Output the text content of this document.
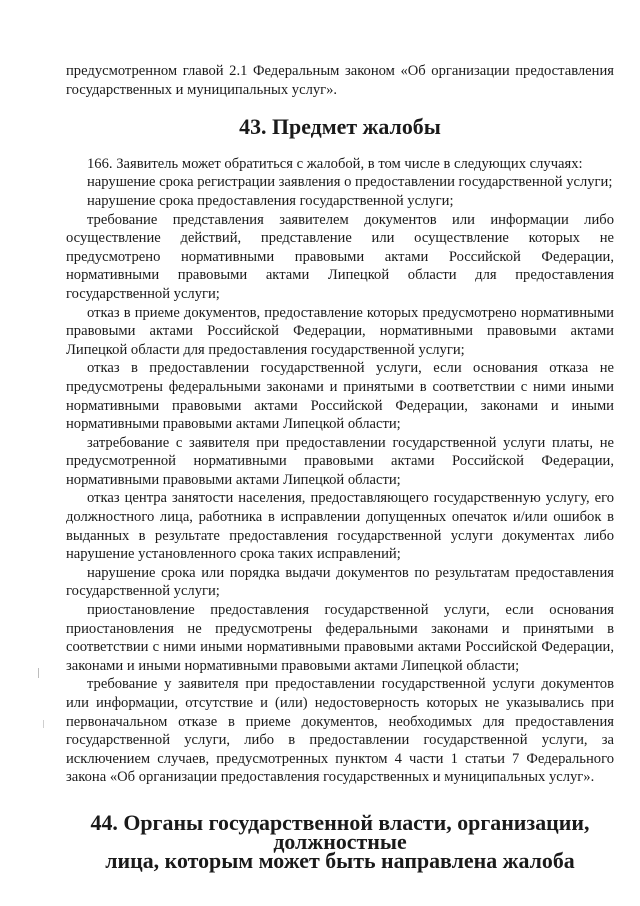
предусмотренном главой 2.1 Федеральным законом «Об организации предоставления государственных и муниципальных услуг».

43. Предмет жалобы

166. Заявитель может обратиться с жалобой, в том числе в следующих случаях:

нарушение срока регистрации заявления о предоставлении государственной услуги;

нарушение срока предоставления государственной услуги;

требование представления заявителем документов или информации либо осуществление действий, представление или осуществление которых не предусмотрено нормативными правовыми актами Российской Федерации, нормативными правовыми актами Липецкой области для предоставления государственной услуги;

отказ в приеме документов, предоставление которых предусмотрено нормативными правовыми актами Российской Федерации, нормативными правовыми актами Липецкой области для предоставления государственной услуги;

отказ в предоставлении государственной услуги, если основания отказа не предусмотрены федеральными законами и принятыми в соответствии с ними иными нормативными правовыми актами Российской Федерации, законами и иными нормативными правовыми актами Липецкой области;

затребование с заявителя при предоставлении государственной услуги платы, не предусмотренной нормативными правовыми актами Российской Федерации, нормативными правовыми актами Липецкой области;

отказ центра занятости населения, предоставляющего государственную услугу, его должностного лица, работника в исправлении допущенных опечаток и/или ошибок в выданных в результате предоставления государственной услуги документах либо нарушение установленного срока таких исправлений;

нарушение срока или порядка выдачи документов по результатам предоставления государственной услуги;

приостановление предоставления государственной услуги, если основания приостановления не предусмотрены федеральными законами и принятыми в соответствии с ними иными нормативными правовыми актами Российской Федерации, законами и иными нормативными правовыми актами Липецкой области;

требование у заявителя при предоставлении государственной услуги документов или информации, отсутствие и (или) недостоверность которых не указывались при первоначальном отказе в приеме документов, необходимых для предоставления государственной услуги, либо в предоставлении государственной услуги, за исключением случаев, предусмотренных пунктом 4 части 1 статьи 7 Федерального закона «Об организации предоставления государственных и муниципальных услуг».

44. Органы государственной власти, организации, должностные
лица, которым может быть направлена жалоба
